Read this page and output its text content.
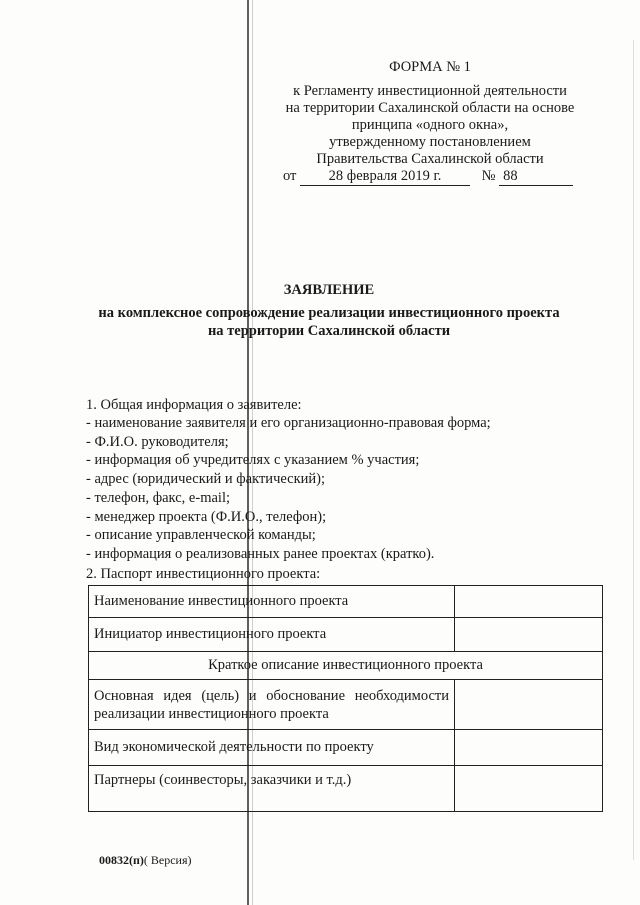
ФОРМА № 1
к Регламенту инвестиционной деятельности
на территории Сахалинской области на основе
принципа «одного окна»,
утвержденному постановлением
Правительства Сахалинской области
от 28 февраля 2019 г.	№ 88
ЗАЯВЛЕНИЕ
на комплексное сопровождение реализации инвестиционного проекта
на территории Сахалинской области
1. Общая информация о заявителе:
- наименование заявителя и его организационно-правовая форма;
- Ф.И.О. руководителя;
- информация об учредителях с указанием % участия;
- адрес (юридический и фактический);
- телефон, факс, e-mail;
- менеджер проекта (Ф.И.О., телефон);
- описание управленческой команды;
- информация о реализованных ранее проектах (кратко).
2. Паспорт инвестиционного проекта:
Наименование инвестиционного проекта	
Инициатор инвестиционного проекта	
Краткое описание инвестиционного проекта	
Основная идея (цель) и обоснование необходимости реализации инвестиционного проекта	
Вид экономической деятельности по проекту	
Партнеры (соинвесторы, заказчики и т.д.)	
00832(п)( Версия)
